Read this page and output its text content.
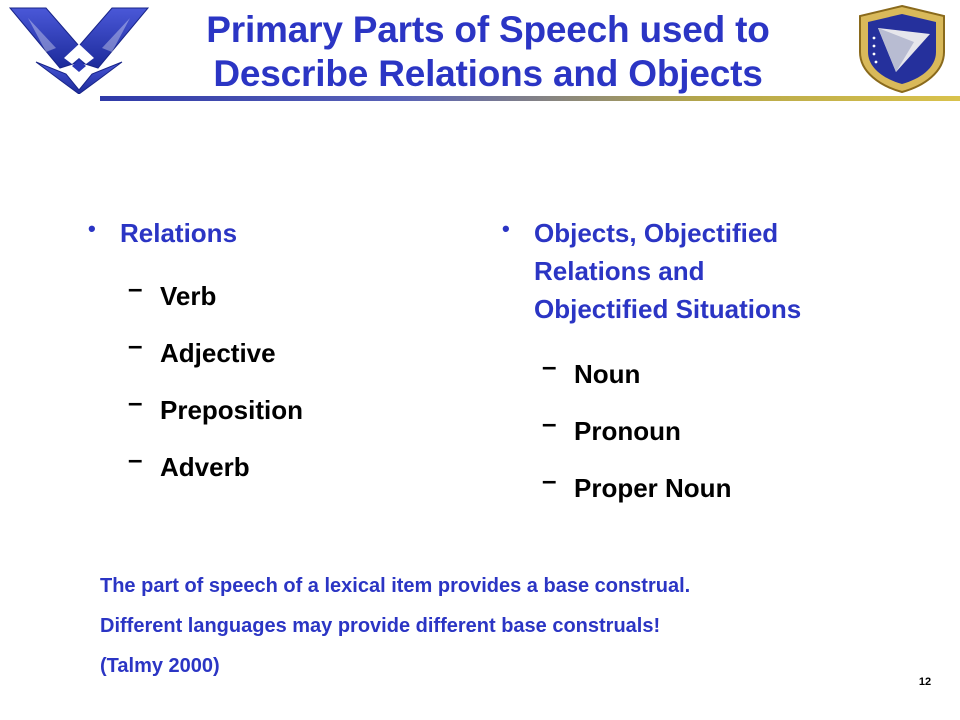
Primary Parts of Speech used to
Describe Relations and Objects
• Relations
– Verb
– Adjective
– Preposition
– Adverb
• Objects, Objectified
Relations and
Objectified Situations
– Noun
– Pronoun
– Proper Noun
The part of speech of a lexical item provides a base construal.
Different languages may provide different base construals!
(Talmy 2000)
12
